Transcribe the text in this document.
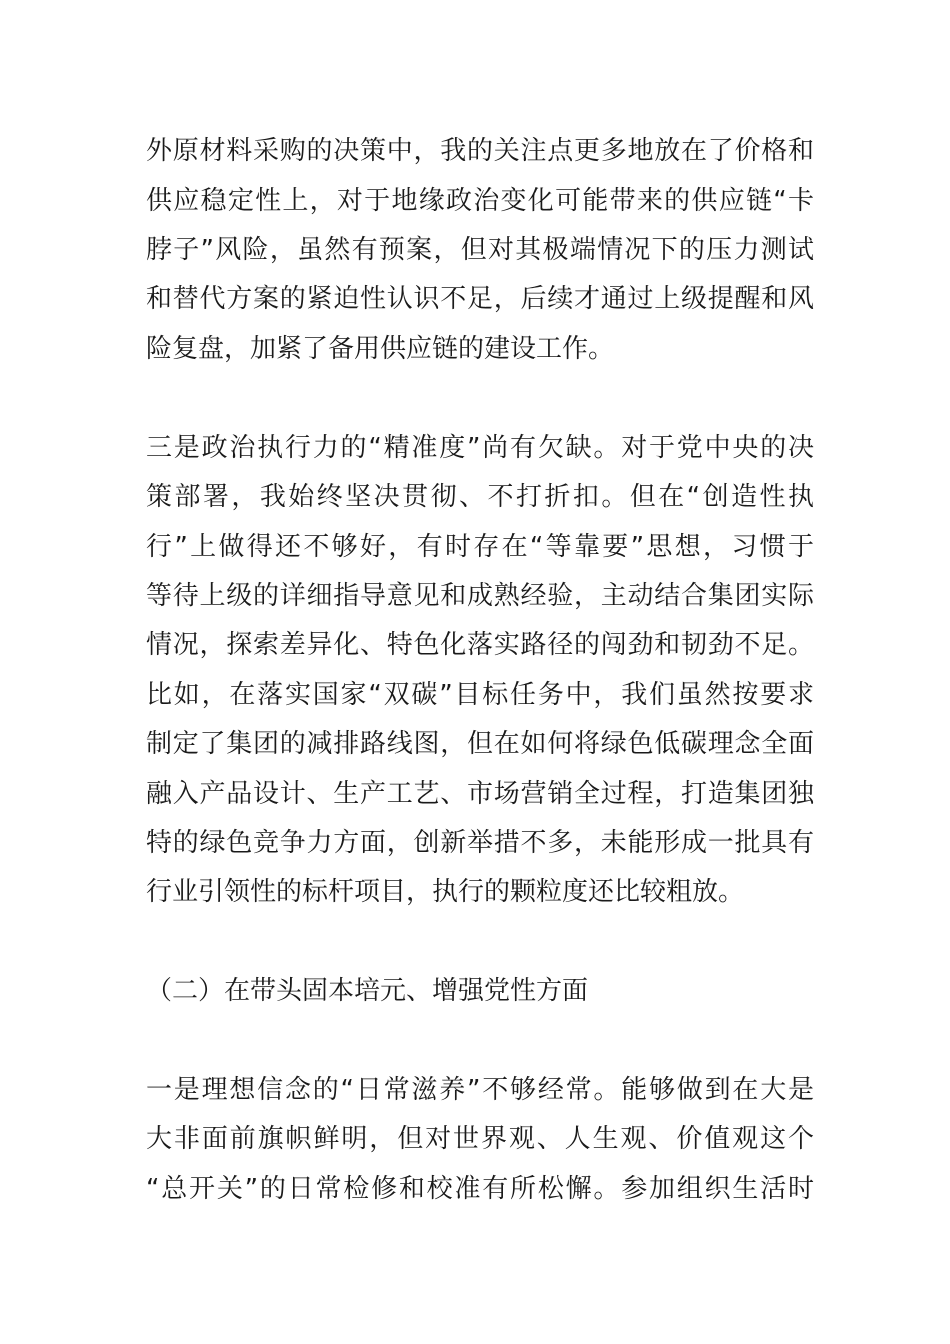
外原材料采购的决策中，我的关注点更多地放在了价格和

供应稳定性上，对于地缘政治变化可能带来的供应链“卡

脖子”风险，虽然有预案，但对其极端情况下的压力测试

和替代方案的紧迫性认识不足，后续才通过上级提醒和风

险复盘，加紧了备用供应链的建设工作。

三是政治执行力的“精准度”尚有欠缺。对于党中央的决

策部署，我始终坚决贯彻、不打折扣。但在“创造性执

行”上做得还不够好，有时存在“等靠要”思想，习惯于

等待上级的详细指导意见和成熟经验，主动结合集团实际

情况，探索差异化、特色化落实路径的闯劲和韧劲不足。

比如，在落实国家“双碳”目标任务中，我们虽然按要求

制定了集团的减排路线图，但在如何将绿色低碳理念全面

融入产品设计、生产工艺、市场营销全过程，打造集团独

特的绿色竞争力方面，创新举措不多，未能形成一批具有

行业引领性的标杆项目，执行的颗粒度还比较粗放。

（二）在带头固本培元、增强党性方面

一是理想信念的“日常滋养”不够经常。能够做到在大是

大非面前旗帜鲜明，但对世界观、人生观、价值观这个

“总开关”的日常检修和校准有所松懈。参加组织生活时
